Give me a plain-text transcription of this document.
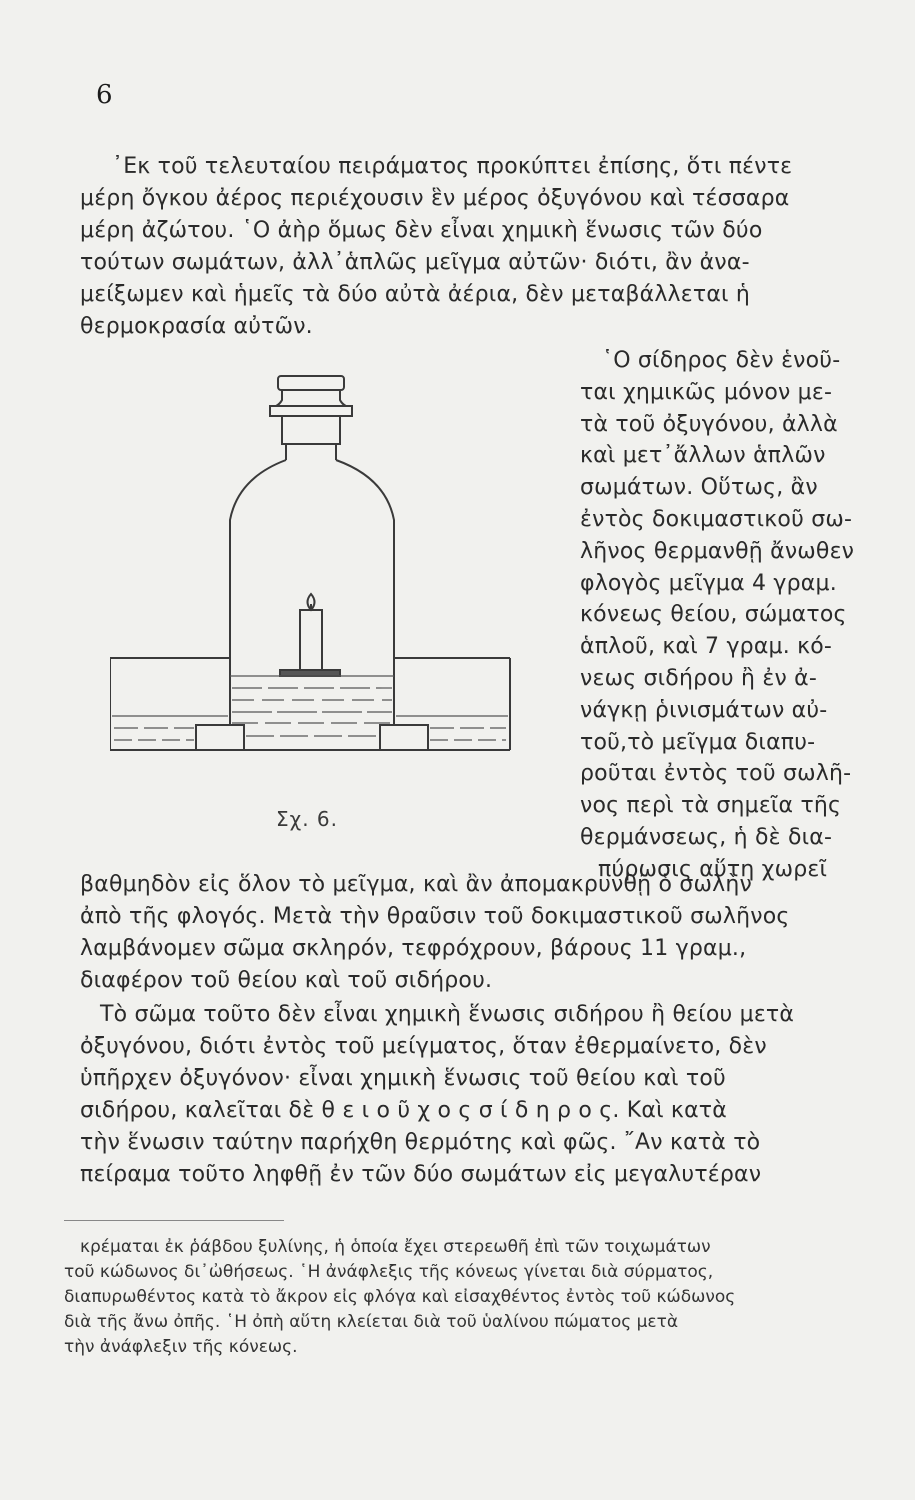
6
᾿Εκ τοῦ τελευταίου πειράματος προκύπτει ἐπίσης, ὅτι πέντε
μέρη ὄγκου ἀέρος περιέχουσιν ἓν μέρος ὀξυγόνου καὶ τέσσαρα
μέρη ἀζώτου. ῾Ο ἀὴρ ὅμως δὲν εἶναι χημικὴ ἕνωσις τῶν δύο
τούτων σωμάτων, ἀλλ᾿ἁπλῶς μεῖγμα αὐτῶν· διότι, ἂν ἀνα-
μείξωμεν καὶ ἡμεῖς τὰ δύο αὐτὰ ἀέρια, δὲν μεταβάλλεται ἡ
θερμοκρασία αὐτῶν.
῾Ο σίδηρος δὲν ἑνοῦ-
ται χημικῶς μόνον με-
τὰ τοῦ ὀξυγόνου, ἀλλὰ
καὶ μετ᾿ἄλλων ἁπλῶν
σωμάτων. Οὕτως, ἂν
ἐντὸς δοκιμαστικοῦ σω-
λῆνος θερμανθῇ ἄνωθεν
φλογὸς μεῖγμα 4 γραμ.
κόνεως θείου, σώματος
ἁπλοῦ, καὶ 7 γραμ. κό-
νεως σιδήρου ἢ ἐν ἀ-
νάγκῃ ῥινισμάτων αὐ-
τοῦ,τὸ μεῖγμα διαπυ-
ροῦται ἐντὸς τοῦ σωλῆ-
νος περὶ τὰ σημεῖα τῆς
θερμάνσεως, ἡ δὲ δια-
πύρωσις αὕτη χωρεῖ
Σχ. 6.
βαθμηδὸν εἰς ὅλον τὸ μεῖγμα, καὶ ἂν ἀπομακρυνθῇ ὁ σωλὴν
ἀπὸ τῆς φλογός. Μετὰ τὴν θραῦσιν τοῦ δοκιμαστικοῦ σωλῆνος
λαμβάνομεν σῶμα σκληρόν, τεφρόχρουν, βάρους 11 γραμ.,
διαφέρον τοῦ θείου καὶ τοῦ σιδήρου.
Τὸ σῶμα τοῦτο δὲν εἶναι χημικὴ ἕνωσις σιδήρου ἢ θείου μετὰ
ὀξυγόνου, διότι ἐντὸς τοῦ μείγματος, ὅταν ἐθερμαίνετο, δὲν
ὑπῆρχεν ὀξυγόνον· εἶναι χημικὴ ἕνωσις τοῦ θείου καὶ τοῦ
σιδήρου, καλεῖται δὲ θ ε ι ο ῦ χ ο ς σ ί δ η ρ ο ς. Καὶ κατὰ
τὴν ἕνωσιν ταύτην παρήχθη θερμότης καὶ φῶς. ῎Αν κατὰ τὸ
πείραμα τοῦτο ληφθῇ ἐν τῶν δύο σωμάτων εἰς μεγαλυτέραν
κρέμαται ἐκ ῥάβδου ξυλίνης, ἡ ὁποία ἔχει στερεωθῆ ἐπὶ τῶν τοιχωμάτων
τοῦ κώδωνος δι᾿ὠθήσεως. ῾Η ἀνάφλεξις τῆς κόνεως γίνεται διὰ σύρματος,
διαπυρωθέντος κατὰ τὸ ἄκρον εἰς φλόγα καὶ εἰσαχθέντος ἐντὸς τοῦ κώδωνος
διὰ τῆς ἄνω ὀπῆς. ῾Η ὀπὴ αὕτη κλείεται διὰ τοῦ ὑαλίνου πώματος μετὰ
τὴν ἀνάφλεξιν τῆς κόνεως.
